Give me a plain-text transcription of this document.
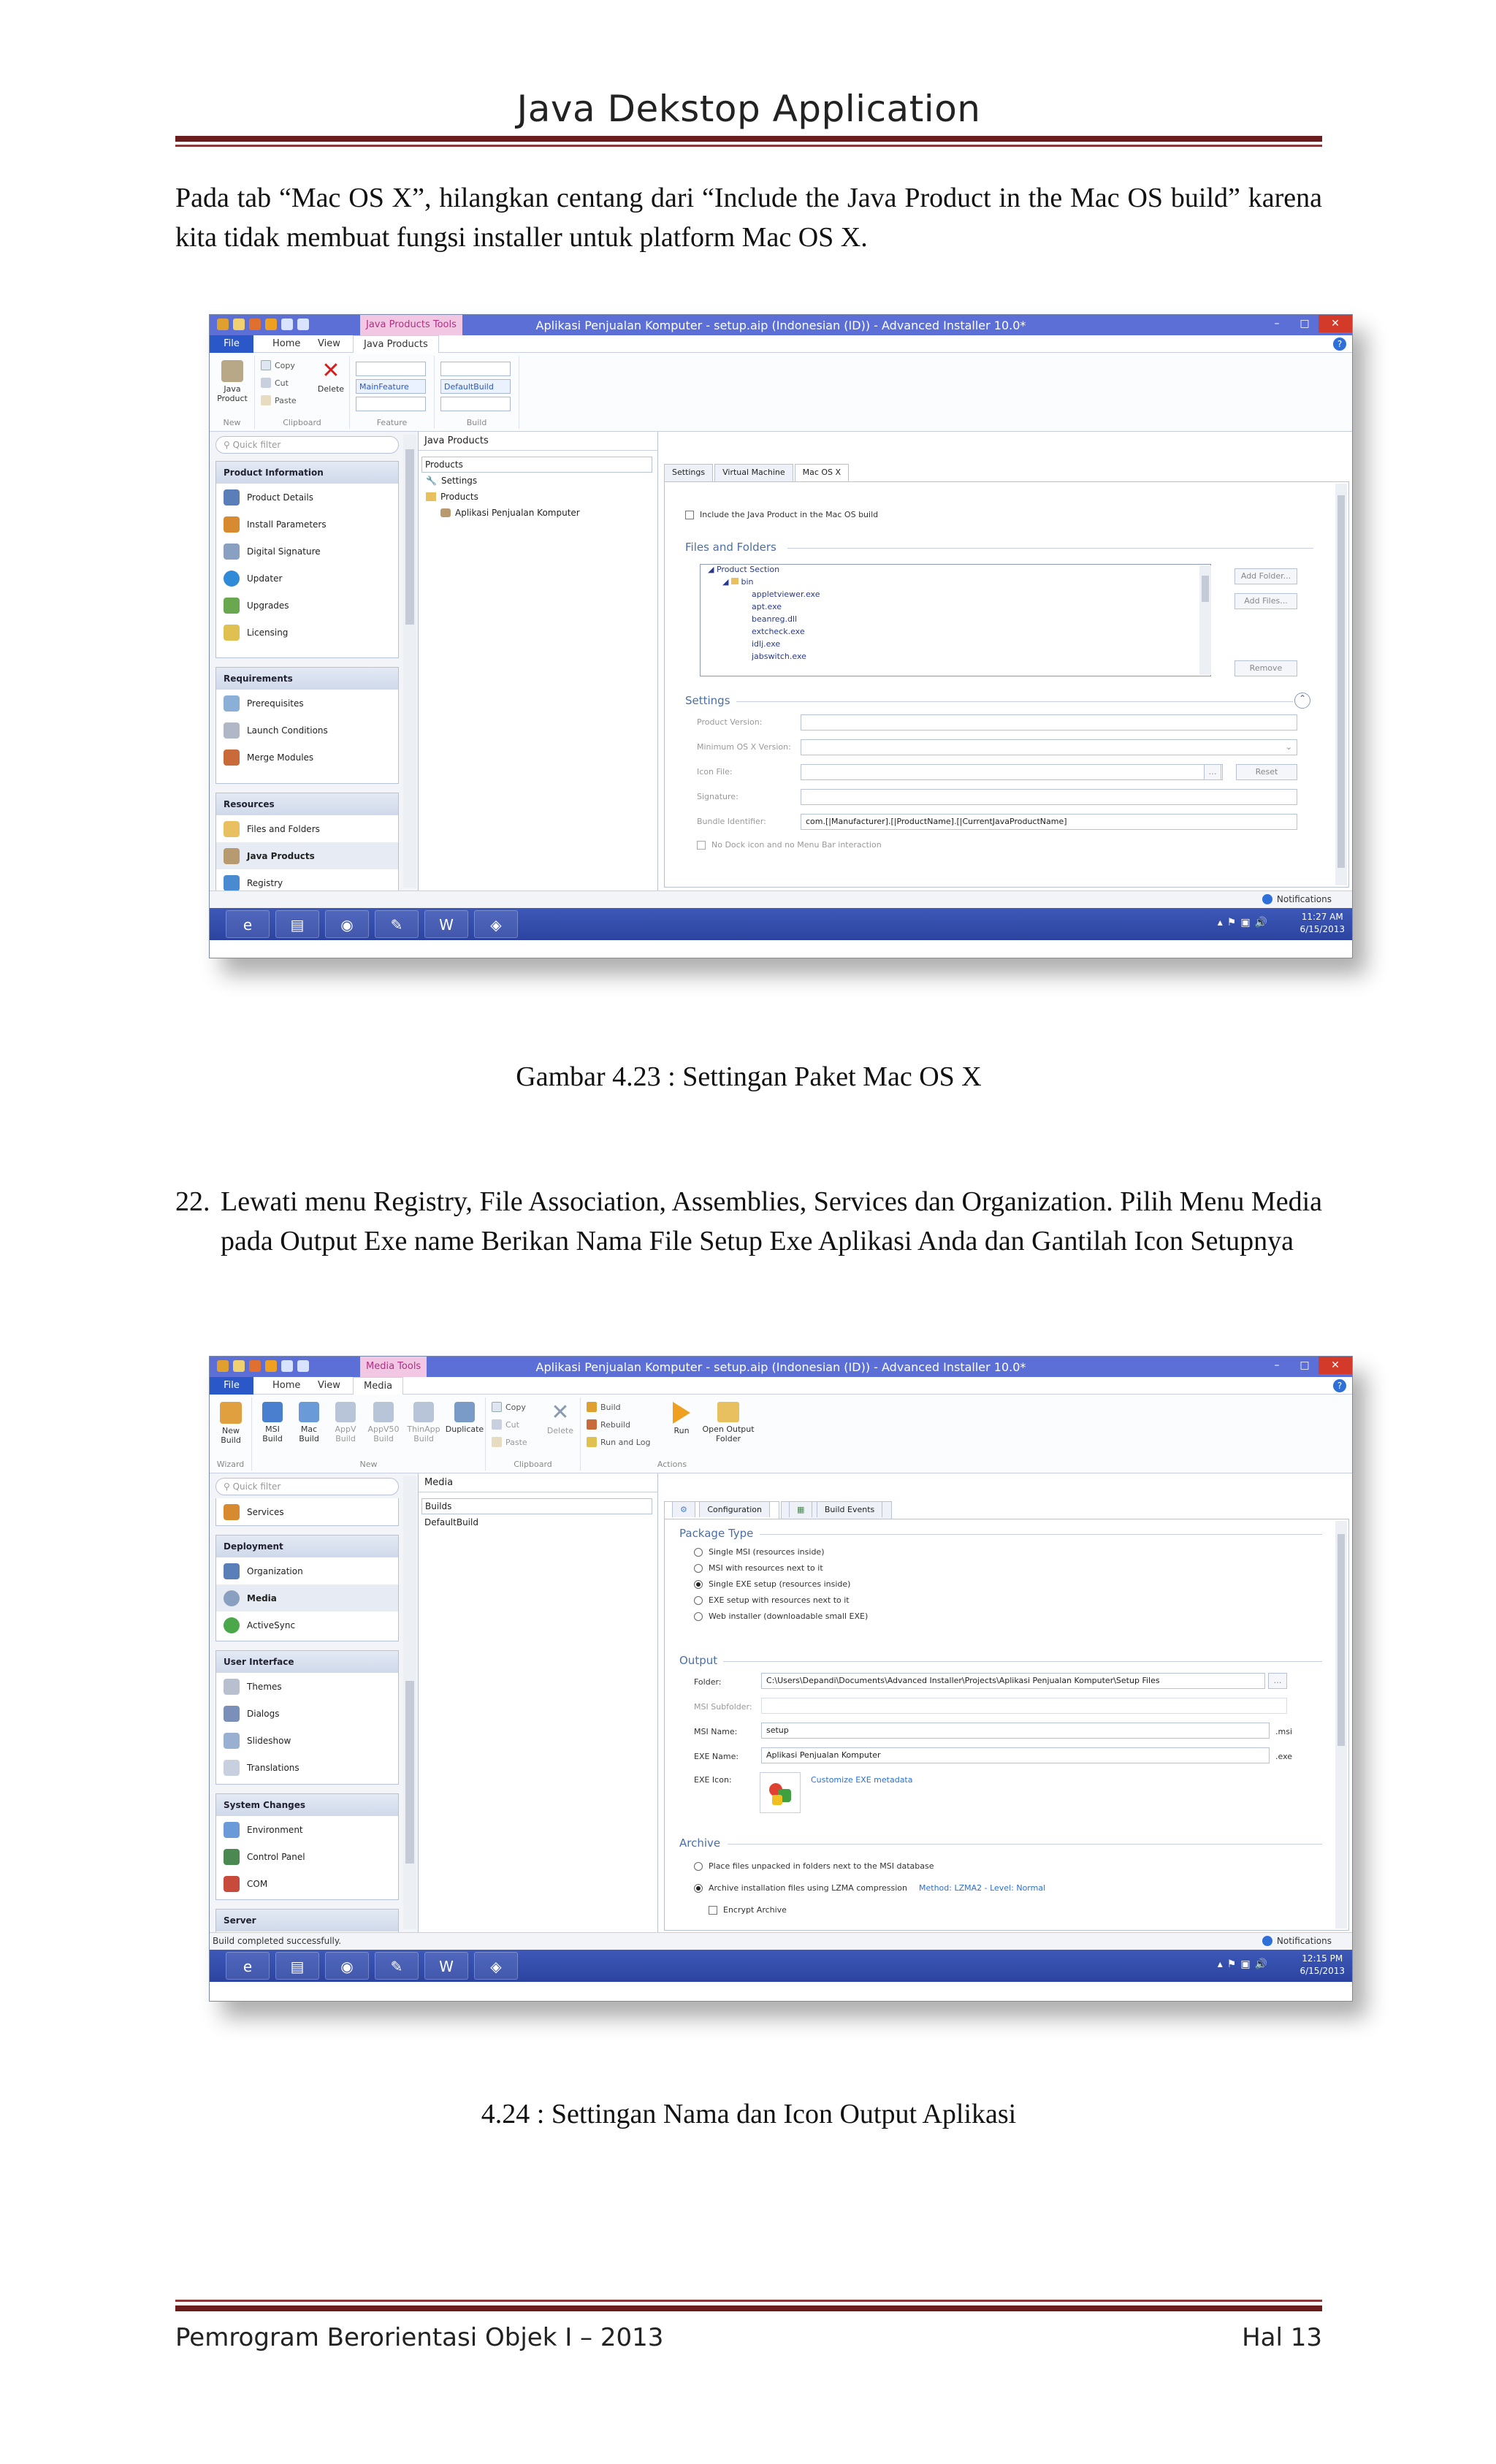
Java Dekstop Application
Pada tab “Mac OS X”, hilangkan centang dari “Include the Java Product in the Mac OS build” karena kita tidak membuat fungsi installer untuk platform Mac OS X.
Java Products Tools	Aplikasi Penjualan Komputer - setup.aip (Indonesian (ID)) - Advanced Installer 10.0*	–	□	✕
File	Home	View	Java Products	?
Java Product
New
Copy
Cut
Paste
✕
Delete
Clipboard
MainFeature
Feature
DefaultBuild
Build
⚲ Quick filter
Product Information
Product Details
Install Parameters
Digital Signature
Updater
Upgrades
Licensing
Requirements
Prerequisites
Launch Conditions
Merge Modules
Resources
Files and Folders
Java Products
Registry
Java Products
Products
🔧 Settings
Products
Aplikasi Penjualan Komputer
Settings	Virtual Machine	Mac OS X
Include the Java Product in the Mac OS build
Files and Folders
◢ Product Section
◢  bin
appletviewer.exe
apt.exe
beanreg.dll
extcheck.exe
idlj.exe
jabswitch.exe
Add Folder...
Add Files...
Remove
Settings	⌃
Product Version:
Minimum OS X Version:	⌄
Icon File:	…	Reset
Signature:
Bundle Identifier:	com.[|Manufacturer].[|ProductName].[|CurrentJavaProductName]
No Dock icon and no Menu Bar interaction
Notifications
e	▤	◉	✎	W	◈	▴⚑▣🔊	11:27 AM
6/15/2013
Gambar 4.23 : Settingan Paket Mac OS X
22. Lewati menu Registry, File Association, Assemblies, Services dan Organization. Pilih Menu Media pada Output Exe name Berikan Nama File Setup Exe Aplikasi Anda dan Gantilah Icon Setupnya
Media Tools	Aplikasi Penjualan Komputer - setup.aip (Indonesian (ID)) - Advanced Installer 10.0*	–	□	✕
File	Home	View	Media	?
New Build
Wizard
MSI Build
Mac Build
AppV Build
AppV50 Build
ThinApp Build
Duplicate
New
Copy
Cut
Paste
✕
Delete
Clipboard
Build
Rebuild
Run and Log
Run	Open Output Folder
Actions
⚲ Quick filter
Services
Deployment
Organization
Media
ActiveSync
User Interface
Themes
Dialogs
Slideshow
Translations
System Changes
Environment
Control Panel
COM
Server
Media
Builds
DefaultBuild
⚙	Configuration	▦	Build Events
Package Type
Single MSI (resources inside)
MSI with resources next to it
Single EXE setup (resources inside)
EXE setup with resources next to it
Web installer (downloadable small EXE)
Output
Folder:	C:\Users\Depandi\Documents\Advanced Installer\Projects\Aplikasi Penjualan Komputer\Setup Files	…
MSI Subfolder:
MSI Name:	setup	.msi
EXE Name:	Aplikasi Penjualan Komputer	.exe
EXE Icon:	Customize EXE metadata
Archive
Place files unpacked in folders next to the MSI database
Archive installation files using LZMA compression Method: LZMA2 - Level: Normal
Encrypt Archive
Build completed successfully.	Notifications
e	▤	◉	✎	W	◈	▴⚑▣🔊	12:15 PM
6/15/2013
4.24 : Settingan Nama dan Icon Output Aplikasi
Pemrogram Berorientasi Objek I – 2013	Hal 13
